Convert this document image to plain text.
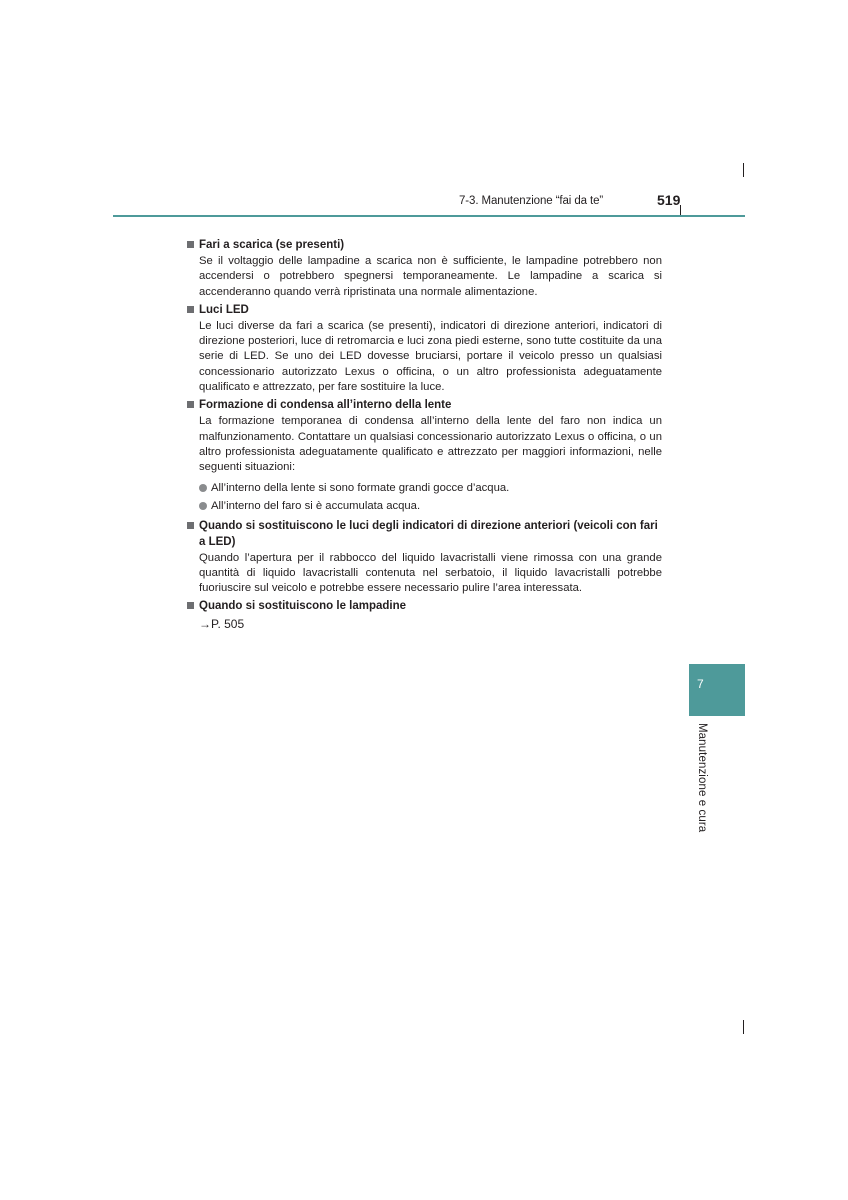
7-3. Manutenzione “fai da te”	519
Fari a scarica (se presenti)
Se il voltaggio delle lampadine a scarica non è sufficiente, le lampadine potrebbero non accendersi o potrebbero spegnersi temporaneamente. Le lampadine a scarica si accenderanno quando verrà ripristinata una normale alimentazione.
Luci LED
Le luci diverse da fari a scarica (se presenti), indicatori di direzione anteriori, indicatori di direzione posteriori, luce di retromarcia e luci zona piedi esterne, sono tutte costituite da una serie di LED. Se uno dei LED dovesse bruciarsi, portare il veicolo presso un qualsiasi concessionario autorizzato Lexus o officina, o un altro professionista adeguatamente qualificato e attrezzato, per fare sostituire la luce.
Formazione di condensa all’interno della lente
La formazione temporanea di condensa all’interno della lente del faro non indica un malfunzionamento. Contattare un qualsiasi concessionario autorizzato Lexus o officina, o un altro professionista adeguatamente qualificato e attrezzato per maggiori informazioni, nelle seguenti situazioni:
All’interno della lente si sono formate grandi gocce d’acqua.
All’interno del faro si è accumulata acqua.
Quando si sostituiscono le luci degli indicatori di direzione anteriori (veicoli con fari a LED)
Quando l’apertura per il rabbocco del liquido lavacristalli viene rimossa con una grande quantità di liquido lavacristalli contenuta nel serbatoio, il liquido lavacristalli potrebbe fuoriuscire sul veicolo e potrebbe essere necessario pulire l’area interessata.
Quando si sostituiscono le lampadine
→P. 505
7
Manutenzione e cura
